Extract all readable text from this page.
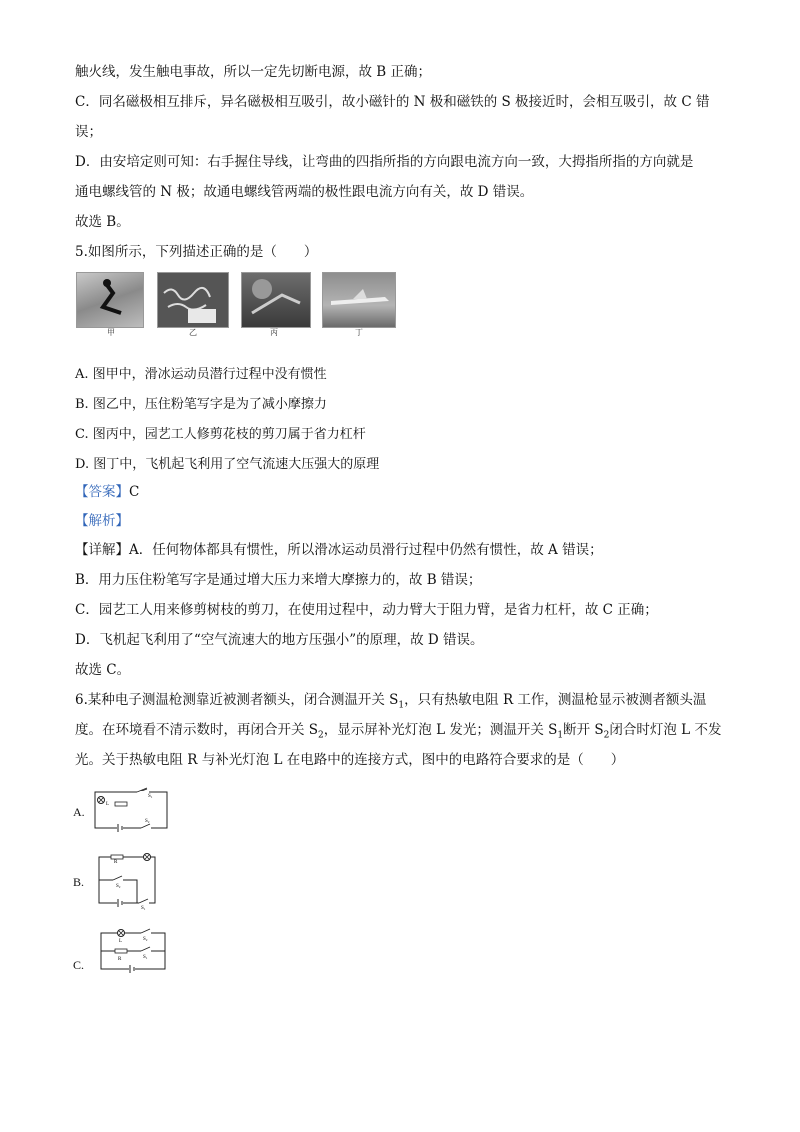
触火线，发生触电事故，所以一定先切断电源，故 B 正确；
C．同名磁极相互排斥，异名磁极相互吸引，故小磁针的 N 极和磁铁的 S 极接近时，会相互吸引，故 C 错
误；
D．由安培定则可知：右手握住导线，让弯曲的四指所指的方向跟电流方向一致，大拇指所指的方向就是
通电螺线管的 N 极；故通电螺线管两端的极性跟电流方向有关，故 D 错误。
故选 B。
5.如图所示，下列描述正确的是（　　）
甲	乙	丙	丁
A. 图甲中，滑冰运动员潜行过程中没有惯性
B. 图乙中，压住粉笔写字是为了减小摩擦力
C. 图丙中，园艺工人修剪花枝的剪刀属于省力杠杆
D. 图丁中，飞机起飞利用了空气流速大压强大的原理
【答案】C
【解析】
【详解】A．任何物体都具有惯性，所以滑冰运动员滑行过程中仍然有惯性，故 A 错误；
B．用力压住粉笔写字是通过增大压力来增大摩擦力的，故 B 错误；
C．园艺工人用来修剪树枝的剪刀，在使用过程中，动力臂大于阻力臂，是省力杠杆，故 C 正确；
D．飞机起飞利用了“空气流速大的地方压强小”的原理，故 D 错误。
故选 C。
6.某种电子测温枪测靠近被测者额头，闭合测温开关 $S_1$，只有热敏电阻 R 工作，测温枪显示被测者额头温
度。在环境看不清示数时，再闭合开关 $S_2$，显示屏补光灯泡 L 发光；测温开关 $S_1$断开 $S_2$闭合时灯泡 L 不发
光。关于热敏电阻 R 与补光灯泡 L 在电路中的连接方式，图中的电路符合要求的是（　　）
A.
L
S₁
S₂
B.
R
S₂
S₁
C.
L	S₂
R	S₁
